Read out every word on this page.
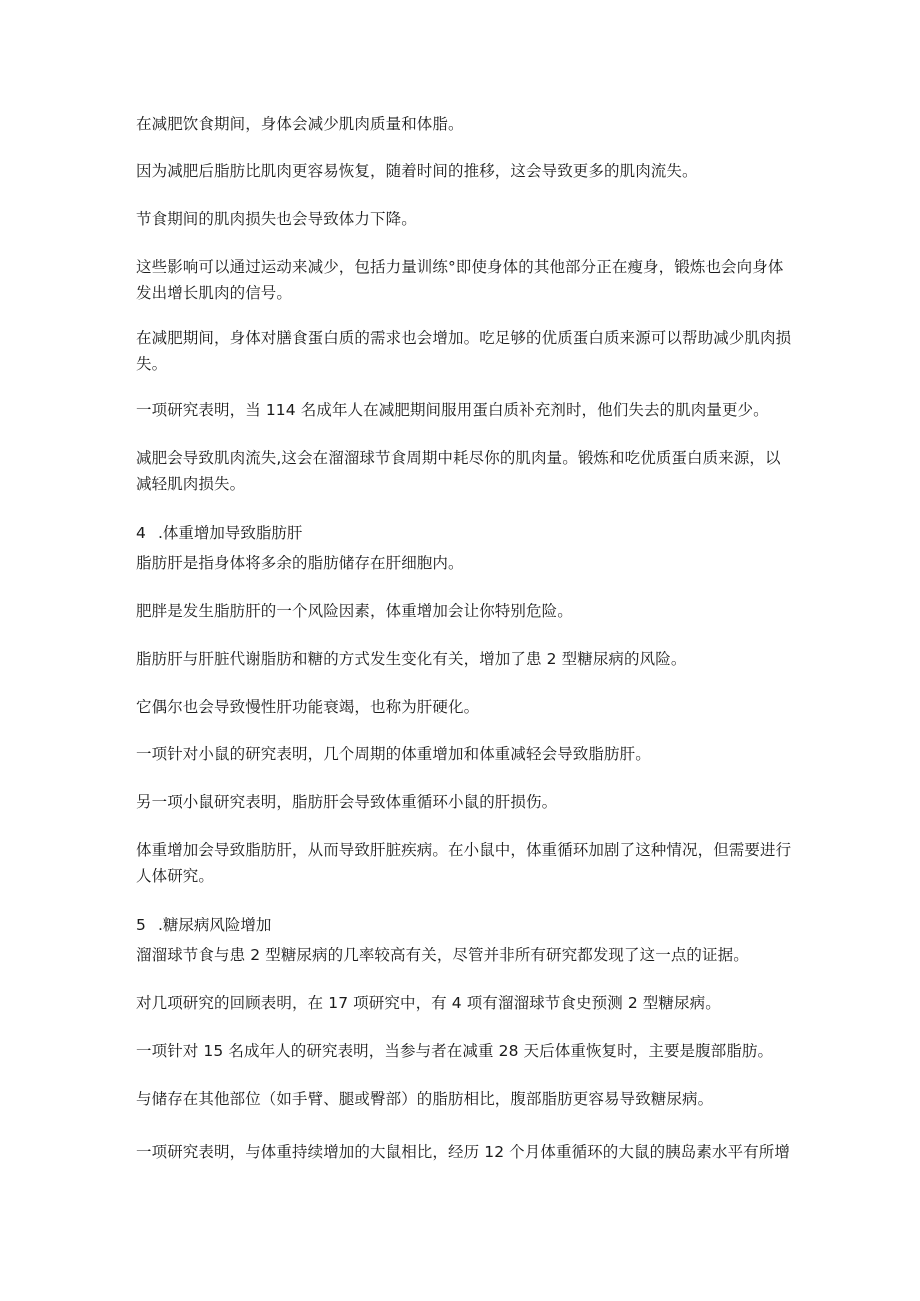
在减肥饮食期间，身体会减少肌肉质量和体脂。

因为减肥后脂肪比肌肉更容易恢复，随着时间的推移，这会导致更多的肌肉流失。

节食期间的肌肉损失也会导致体力下降。

这些影响可以通过运动来减少，包括力量训练°即使身体的其他部分正在瘦身，锻炼也会向身体发出增长肌肉的信号。

在减肥期间，身体对膳食蛋白质的需求也会增加。吃足够的优质蛋白质来源可以帮助减少肌肉损失。

一项研究表明，当 114 名成年人在减肥期间服用蛋白质补充剂时，他们失去的肌肉量更少。

减肥会导致肌肉流失,这会在溜溜球节食周期中耗尽你的肌肉量。锻炼和吃优质蛋白质来源，以减轻肌肉损失。

4 .体重增加导致脂肪肝

脂肪肝是指身体将多余的脂肪储存在肝细胞内。

肥胖是发生脂肪肝的一个风险因素，体重增加会让你特别危险。

脂肪肝与肝脏代谢脂肪和糖的方式发生变化有关，增加了患 2 型糖尿病的风险。

它偶尔也会导致慢性肝功能衰竭，也称为肝硬化。

一项针对小鼠的研究表明，几个周期的体重增加和体重减轻会导致脂肪肝。

另一项小鼠研究表明，脂肪肝会导致体重循环小鼠的肝损伤。

体重增加会导致脂肪肝，从而导致肝脏疾病。在小鼠中，体重循环加剧了这种情况，但需要进行人体研究。

5 .糖尿病风险增加

溜溜球节食与患 2 型糖尿病的几率较高有关，尽管并非所有研究都发现了这一点的证据。

对几项研究的回顾表明，在 17 项研究中，有 4 项有溜溜球节食史预测 2 型糖尿病。

一项针对 15 名成年人的研究表明，当参与者在减重 28 天后体重恢复时，主要是腹部脂肪。

与储存在其他部位（如手臂、腿或臀部）的脂肪相比，腹部脂肪更容易导致糖尿病。

一项研究表明，与体重持续增加的大鼠相比，经历 12 个月体重循环的大鼠的胰岛素水平有所增
